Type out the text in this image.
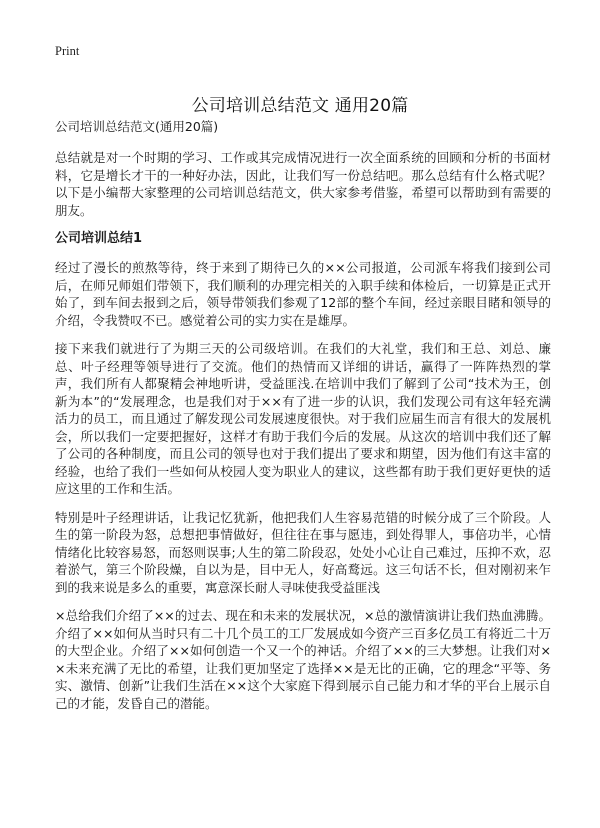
Print
公司培训总结范文 通用20篇
公司培训总结范文(通用20篇)

总结就是对一个时期的学习、工作或其完成情况进行一次全面系统的回顾和分析的书面材料，它是增长才干的一种好办法，因此，让我们写一份总结吧。那么总结有什么格式呢？以下是小编帮大家整理的公司培训总结范文，供大家参考借鉴，希望可以帮助到有需要的朋友。

公司培训总结1

经过了漫长的煎熬等待，终于来到了期待已久的××公司报道，公司派车将我们接到公司后，在师兄师姐们带领下，我们顺利的办理完相关的入职手续和体检后，一切算是正式开始了，到车间去报到之后，领导带领我们参观了12部的整个车间，经过亲眼目睹和领导的介绍，令我赞叹不已。感觉着公司的实力实在是雄厚。

接下来我们就进行了为期三天的公司级培训。在我们的大礼堂，我们和王总、刘总、廉总、叶子经理等领导进行了交流。他们的热情而又详细的讲话，赢得了一阵阵热烈的掌声，我们所有人都聚精会神地听讲，受益匪浅.在培训中我们了解到了公司“技术为王，创新为本”的“发展理念，也是我们对于××有了进一步的认识，我们发现公司有这年轻充满活力的员工，而且通过了解发现公司发展速度很快。对于我们应届生而言有很大的发展机会，所以我们一定要把握好，这样才有助于我们今后的发展。从这次的培训中我们还了解了公司的各种制度，而且公司的领导也对于我们提出了要求和期望，因为他们有这丰富的经验，也给了我们一些如何从校园人变为职业人的建议，这些都有助于我们更好更快的适应这里的工作和生活。

特别是叶子经理讲话，让我记忆犹新，他把我们人生容易范错的时候分成了三个阶段。人生的第一阶段为怒，总想把事情做好，但往往在事与愿违，到处得罪人，事倍功半，心情情绪化比较容易怒，而怒则误事;人生的第二阶段忍，处处小心让自己难过，压抑不欢，忍着淤气，第三个阶段燥，自以为是，目中无人，好高鹜远。这三句话不长，但对刚初来乍到的我来说是多么的重要，寓意深长耐人寻味使我受益匪浅

×总给我们介绍了××的过去、现在和未来的发展状况，×总的激情演讲让我们热血沸腾。介绍了××如何从当时只有二十几个员工的工厂发展成如今资产三百多亿员工有将近二十万的大型企业。介绍了××如何创造一个又一个的神话。介绍了××的三大梦想。让我们对××未来充满了无比的希望，让我们更加坚定了选择××是无比的正确，它的理念“平等、务实、激情、创新”让我们生活在××这个大家庭下得到展示自己能力和才华的平台上展示自己的才能，发昏自己的潜能。
